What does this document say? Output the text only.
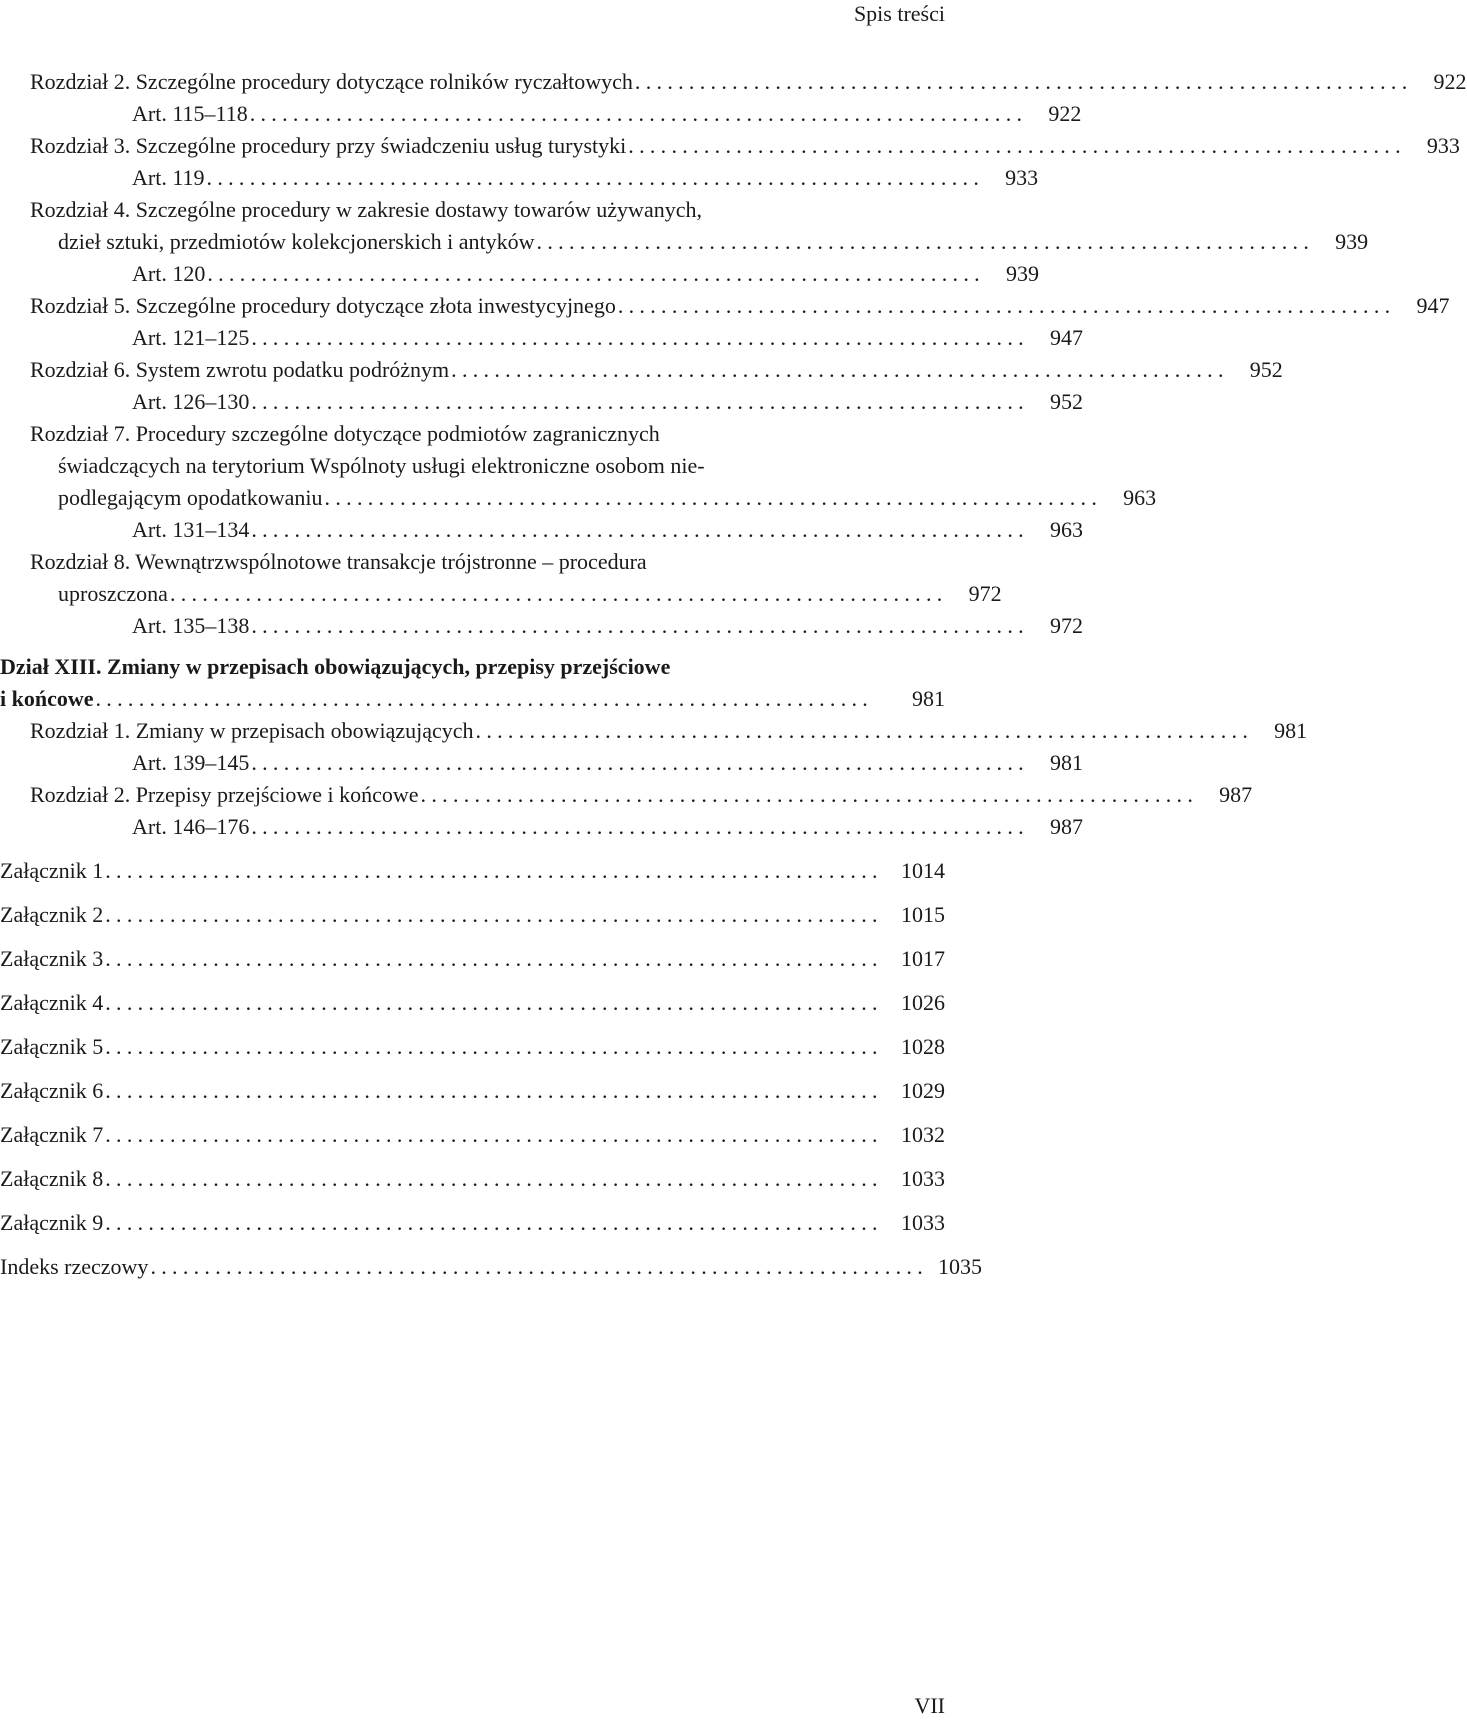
Spis treści
Rozdział 2. Szczególne procedury dotyczące rolników ryczałtowych ........................................................................ 922
Art. 115–118 ........................................................................ 922
Rozdział 3. Szczególne procedury przy świadczeniu usług turystyki ........................................................................ 933
Art. 119 ........................................................................ 933
Rozdział 4. Szczególne procedury w zakresie dostawy towarów używanych,
dzieł sztuki, przedmiotów kolekcjonerskich i antyków ........................................................................ 939
Art. 120 ........................................................................ 939
Rozdział 5. Szczególne procedury dotyczące złota inwestycyjnego ........................................................................ 947
Art. 121–125 ........................................................................ 947
Rozdział 6. System zwrotu podatku podróżnym ........................................................................ 952
Art. 126–130 ........................................................................ 952
Rozdział 7. Procedury szczególne dotyczące podmiotów zagranicznych
świadczących na terytorium Wspólnoty usługi elektroniczne osobom nie-
podlegającym opodatkowaniu ........................................................................ 963
Art. 131–134 ........................................................................ 963
Rozdział 8. Wewnątrzwspólnotowe transakcje trójstronne – procedura
uproszczona ........................................................................ 972
Art. 135–138 ........................................................................ 972
Dział XIII. Zmiany w przepisach obowiązujących, przepisy przejściowe
i końcowe ........................................................................	981
Rozdział 1. Zmiany w przepisach obowiązujących ........................................................................ 981
Art. 139–145 ........................................................................ 981
Rozdział 2. Przepisy przejściowe i końcowe ........................................................................ 987
Art. 146–176 ........................................................................ 987
Załącznik 1 ........................................................................ 1014
Załącznik 2 ........................................................................ 1015
Załącznik 3 ........................................................................ 1017
Załącznik 4 ........................................................................ 1026
Załącznik 5 ........................................................................ 1028
Załącznik 6 ........................................................................ 1029
Załącznik 7 ........................................................................ 1032
Załącznik 8 ........................................................................ 1033
Załącznik 9 ........................................................................ 1033
Indeks rzeczowy ........................................................................ 1035
VII
